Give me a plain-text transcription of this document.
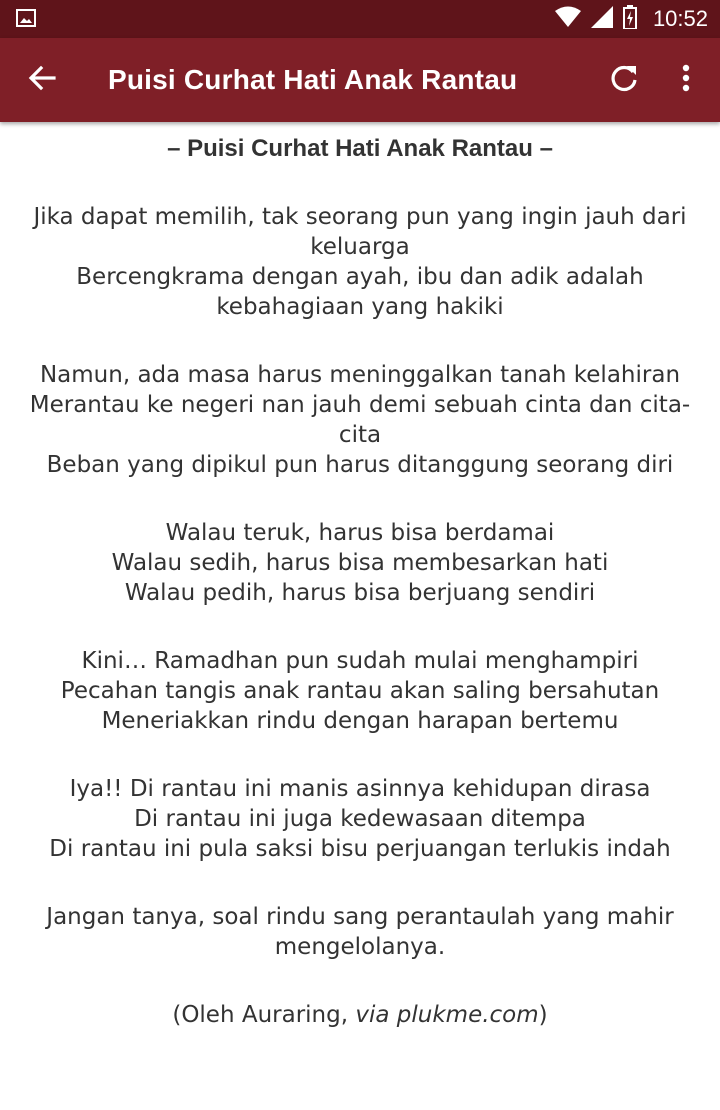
10:52
Puisi Curhat Hati Anak Rantau
– Puisi Curhat Hati Anak Rantau –
Jika dapat memilih, tak seorang pun yang ingin jauh dari keluarga
Bercengkrama dengan ayah, ibu dan adik adalah kebahagiaan yang hakiki
Namun, ada masa harus meninggalkan tanah kelahiran
Merantau ke negeri nan jauh demi sebuah cinta dan cita-cita
Beban yang dipikul pun harus ditanggung seorang diri
Walau teruk, harus bisa berdamai
Walau sedih, harus bisa membesarkan hati
Walau pedih, harus bisa berjuang sendiri
Kini… Ramadhan pun sudah mulai menghampiri
Pecahan tangis anak rantau akan saling bersahutan
Meneriakkan rindu dengan harapan bertemu
Iya!! Di rantau ini manis asinnya kehidupan dirasa
Di rantau ini juga kedewasaan ditempa
Di rantau ini pula saksi bisu perjuangan terlukis indah
Jangan tanya, soal rindu sang perantaulah yang mahir mengelolanya.
(Oleh Auraring, via plukme.com)
